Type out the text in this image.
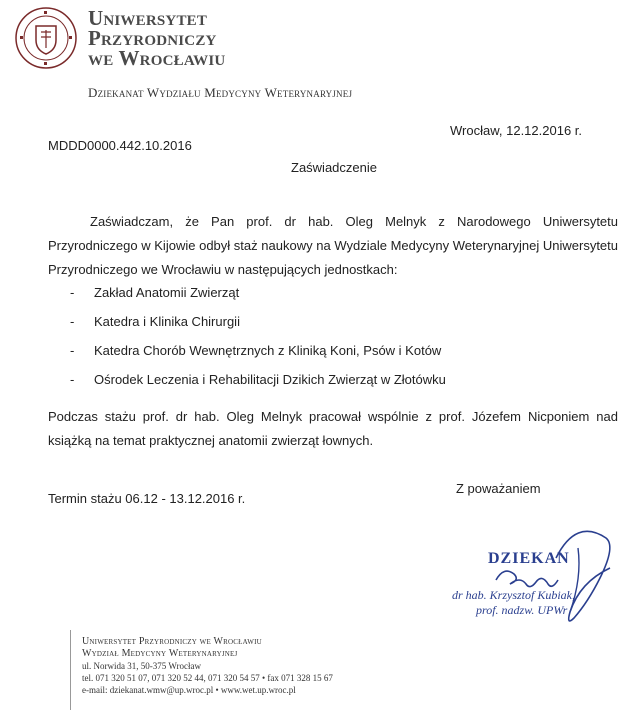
Uniwersytet
Przyrodniczy
we Wrocławiu
Dziekanat Wydziału Medycyny Weterynaryjnej
Wrocław, 12.12.2016 r.
MDDD0000.442.10.2016
Zaświadczenie
Zaświadczam, że Pan prof. dr hab. Oleg Melnyk z Narodowego Uniwersytetu Przyrodniczego w Kijowie odbył staż naukowy na Wydziale Medycyny Weterynaryjnej Uniwersytetu Przyrodniczego we Wrocławiu w następujących jednostkach:
- Zakład Anatomii Zwierząt
- Katedra i Klinika Chirurgii
- Katedra Chorób Wewnętrznych z Kliniką Koni, Psów i Kotów
- Ośrodek Leczenia i Rehabilitacji Dzikich Zwierząt w Złotówku
Podczas stażu prof. dr hab. Oleg Melnyk pracował wspólnie z prof. Józefem Nicponiem nad książką na temat praktycznej anatomii zwierząt łownych.
Z poważaniem
Termin stażu 06.12 - 13.12.2016 r.
DZIEKAN
dr hab. Krzysztof Kubiak,
prof. nadzw. UPWr
Uniwersytet Przyrodniczy we Wrocławiu
Wydział Medycyny Weterynaryjnej
ul. Norwida 31, 50-375 Wrocław
tel. 071 320 51 07, 071 320 52 44, 071 320 54 57 • fax 071 328 15 67
e-mail: dziekanat.wmw@up.wroc.pl • www.wet.up.wroc.pl
